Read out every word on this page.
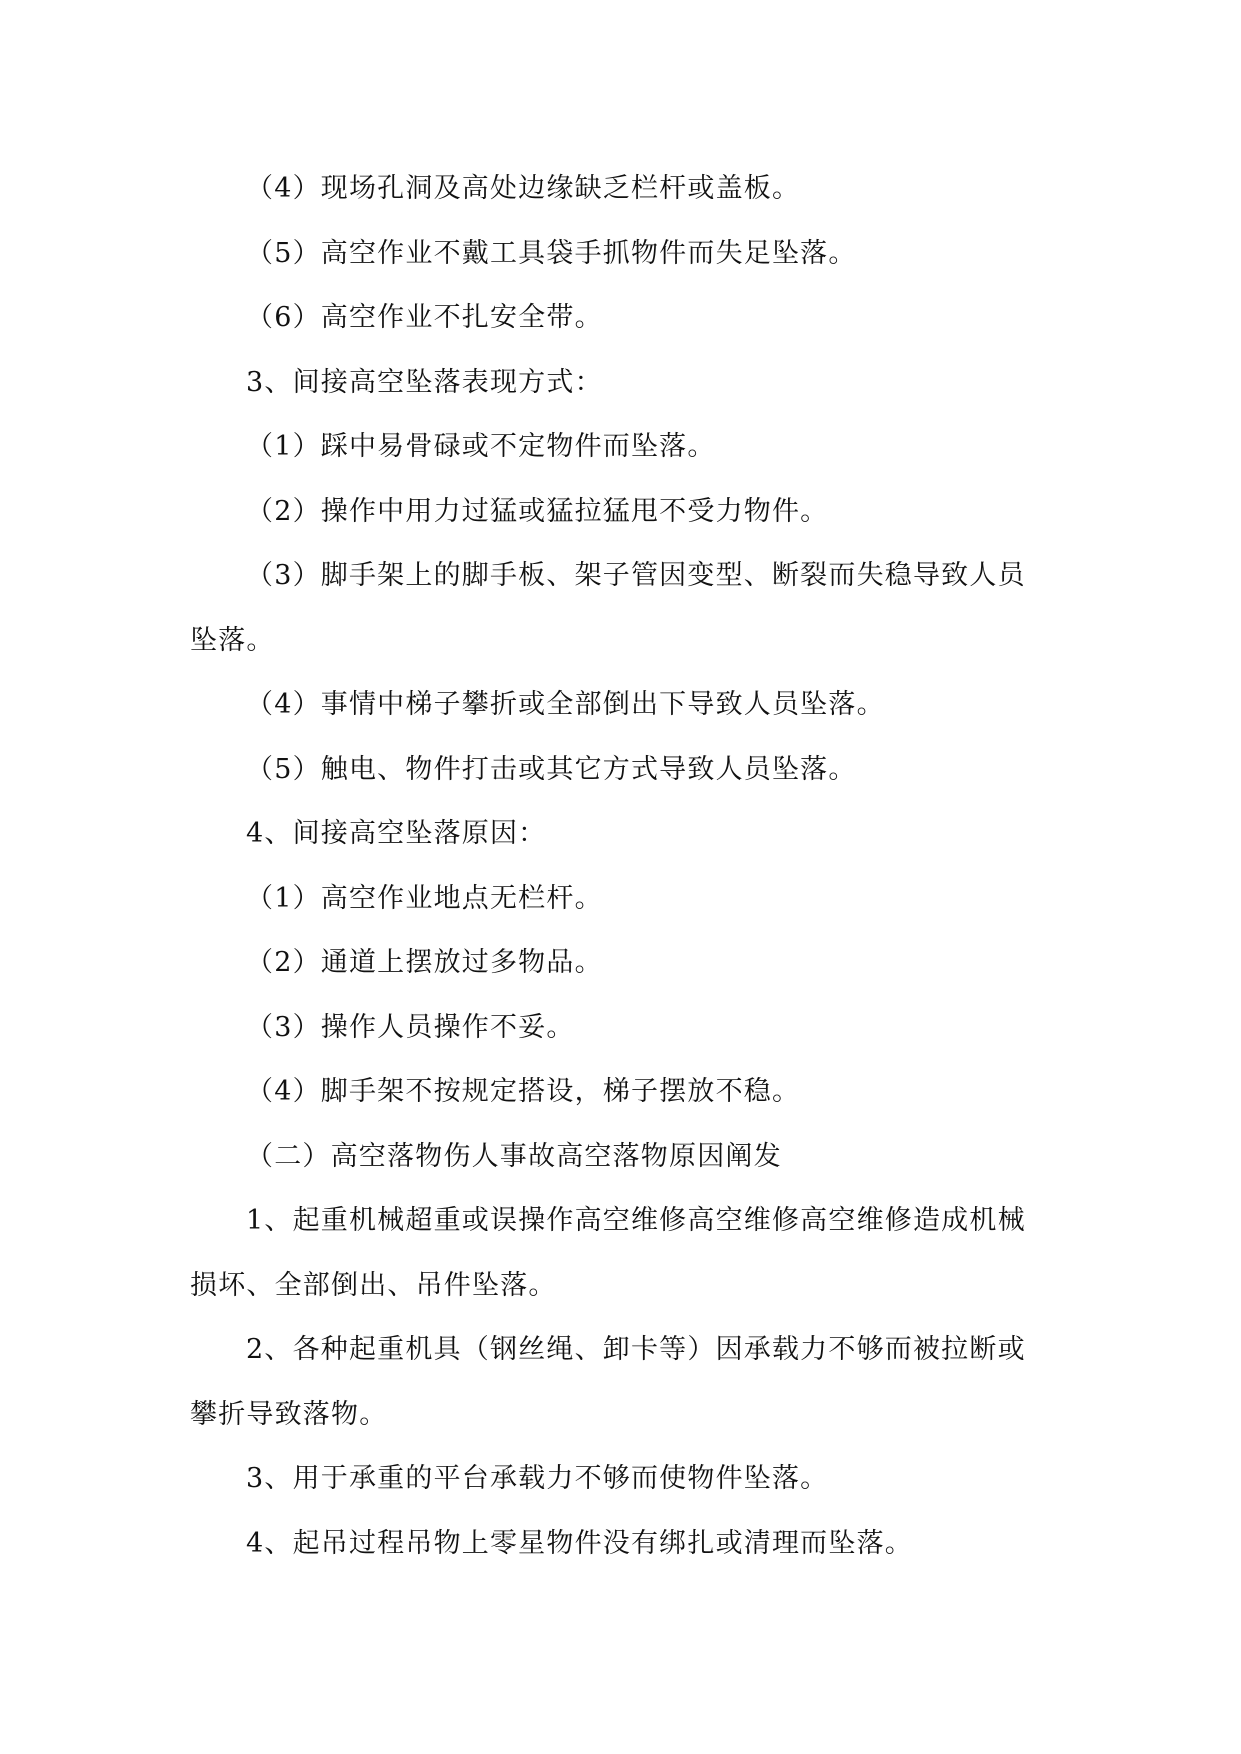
（4）现场孔洞及高处边缘缺乏栏杆或盖板。

（5）高空作业不戴工具袋手抓物件而失足坠落。

（6）高空作业不扎安全带。

3、间接高空坠落表现方式：

（1）踩中易骨碌或不定物件而坠落。

（2）操作中用力过猛或猛拉猛甩不受力物件。

（3）脚手架上的脚手板、架子管因变型、断裂而失稳导致人员
坠落。

（4）事情中梯子攀折或全部倒出下导致人员坠落。

（5）触电、物件打击或其它方式导致人员坠落。

4、间接高空坠落原因：

（1）高空作业地点无栏杆。

（2）通道上摆放过多物品。

（3）操作人员操作不妥。

（4）脚手架不按规定搭设，梯子摆放不稳。

（二）高空落物伤人事故高空落物原因阐发

1、起重机械超重或误操作高空维修高空维修高空维修造成机械
损坏、全部倒出、吊件坠落。
2、各种起重机具（钢丝绳、卸卡等）因承载力不够而被拉断或
攀折导致落物。

3、用于承重的平台承载力不够而使物件坠落。

4、起吊过程吊物上零星物件没有绑扎或清理而坠落。
